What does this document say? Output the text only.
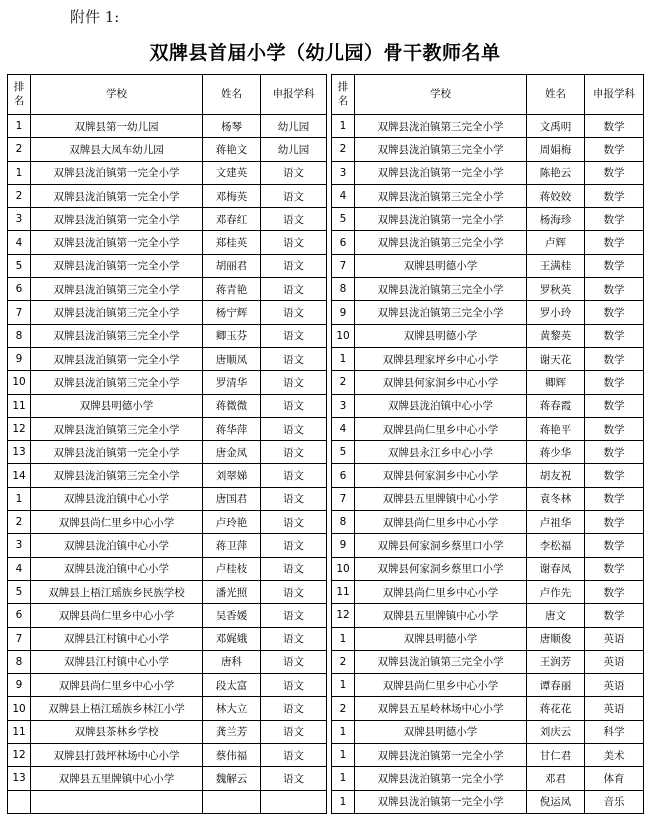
附件 1:
双牌县首届小学（幼儿园）骨干教师名单
排
名	学校	姓名	申报学科
1	双牌县第一幼儿园	杨琴	幼儿园
2	双牌县大凤车幼儿园	蒋艳文	幼儿园
1	双牌县泷泊镇第一完全小学	文建英	语文
2	双牌县泷泊镇第一完全小学	邓梅英	语文
3	双牌县泷泊镇第一完全小学	邓春红	语文
4	双牌县泷泊镇第一完全小学	郑桂英	语文
5	双牌县泷泊镇第一完全小学	胡丽君	语文
6	双牌县泷泊镇第三完全小学	蒋青艳	语文
7	双牌县泷泊镇第三完全小学	杨宁辉	语文
8	双牌县泷泊镇第三完全小学	卿玉芬	语文
9	双牌县泷泊镇第一完全小学	唐顺凤	语文
10	双牌县泷泊镇第三完全小学	罗清华	语文
11	双牌县明德小学	蒋微微	语文
12	双牌县泷泊镇第三完全小学	蒋华萍	语文
13	双牌县泷泊镇第一完全小学	唐金凤	语文
14	双牌县泷泊镇第三完全小学	刘翠娣	语文
1	双牌县泷泊镇中心小学	唐国君	语文
2	双牌县尚仁里乡中心小学	卢玲艳	语文
3	双牌县泷泊镇中心小学	蒋卫萍	语文
4	双牌县泷泊镇中心小学	卢桂枝	语文
5	双牌县上梧江瑶族乡民族学校	潘光照	语文
6	双牌县尚仁里乡中心小学	吴香媛	语文
7	双牌县江村镇中心小学	邓娓娥	语文
8	双牌县江村镇中心小学	唐科	语文
9	双牌县尚仁里乡中心小学	段太富	语文
10	双牌县上梧江瑶族乡林江小学	林大立	语文
11	双牌县茶林乡学校	龚兰芳	语文
12	双牌县打鼓坪林场中心小学	蔡伟福	语文
13	双牌县五里牌镇中心小学	魏解云	语文

排
名	学校	姓名	申报学科
1	双牌县泷泊镇第三完全小学	文禹明	数学
2	双牌县泷泊镇第三完全小学	周娟梅	数学
3	双牌县泷泊镇第一完全小学	陈艳云	数学
4	双牌县泷泊镇第三完全小学	蒋姣姣	数学
5	双牌县泷泊镇第一完全小学	杨海珍	数学
6	双牌县泷泊镇第三完全小学	卢辉	数学
7	双牌县明德小学	王满桂	数学
8	双牌县泷泊镇第三完全小学	罗秋英	数学
9	双牌县泷泊镇第三完全小学	罗小玲	数学
10	双牌县明德小学	黄黎英	数学
1	双牌县理家坪乡中心小学	谢天花	数学
2	双牌县何家洞乡中心小学	卿辉	数学
3	双牌县泷泊镇中心小学	蒋春霞	数学
4	双牌县尚仁里乡中心小学	蒋艳平	数学
5	双牌县永江乡中心小学	蒋少华	数学
6	双牌县何家洞乡中心小学	胡友祝	数学
7	双牌县五里牌镇中心小学	袁冬林	数学
8	双牌县尚仁里乡中心小学	卢祖华	数学
9	双牌县何家洞乡蔡里口小学	李松福	数学
10	双牌县何家洞乡蔡里口小学	谢春凤	数学
11	双牌县尚仁里乡中心小学	卢作先	数学
12	双牌县五里牌镇中心小学	唐文	数学
1	双牌县明德小学	唐顺俊	英语
2	双牌县泷泊镇第三完全小学	王润芳	英语
1	双牌县尚仁里乡中心小学	谭春丽	英语
2	双牌县五星岭林场中心小学	蒋花花	英语
1	双牌县明德小学	刘庆云	科学
1	双牌县泷泊镇第一完全小学	甘仁君	美术
1	双牌县泷泊镇第一完全小学	邓君	体育
1	双牌县泷泊镇第一完全小学	倪运凤	音乐
